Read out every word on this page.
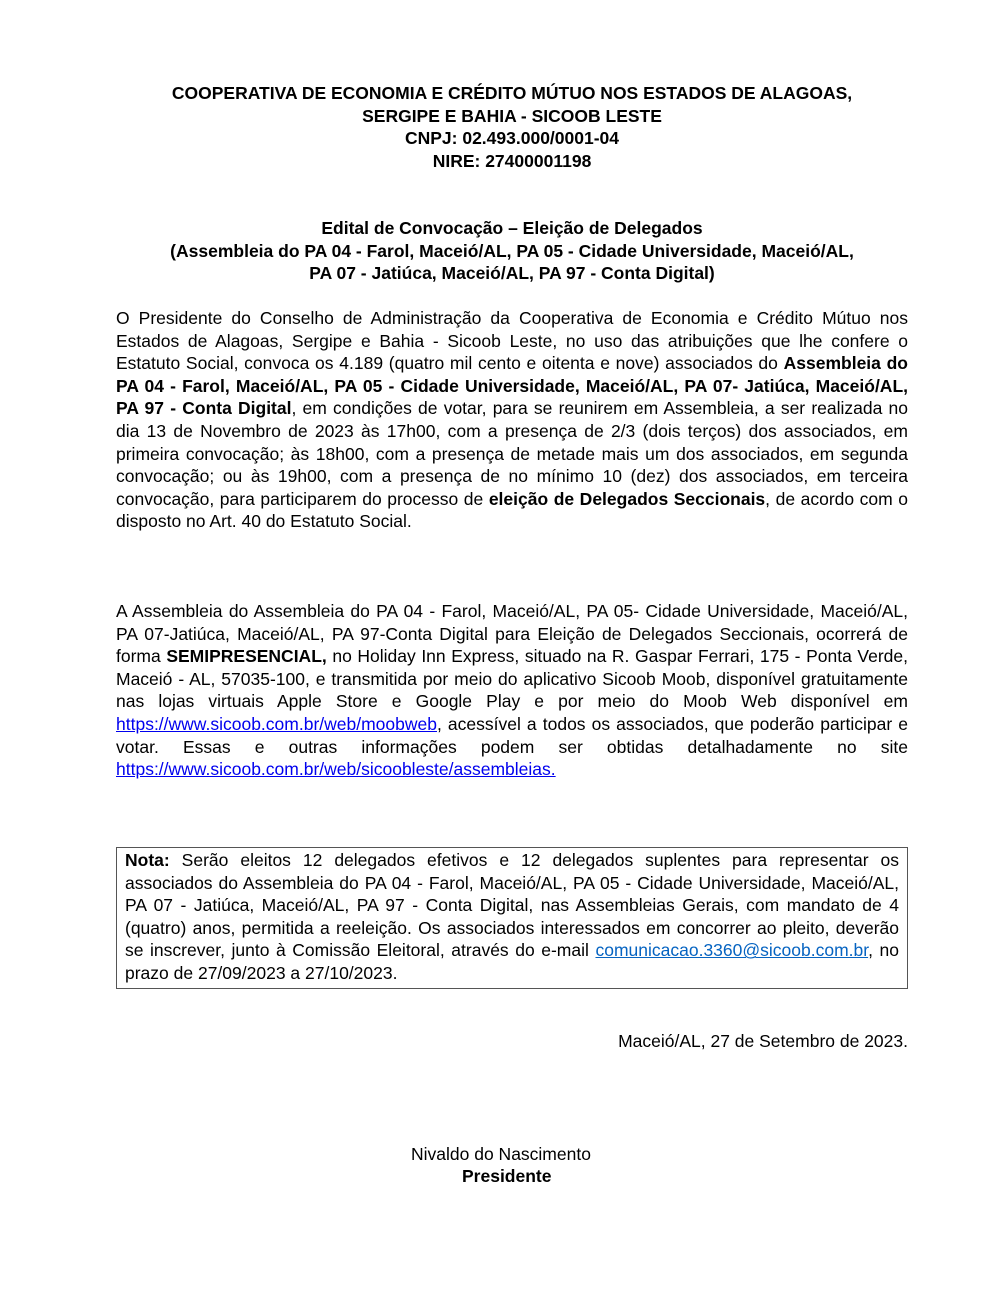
COOPERATIVA DE ECONOMIA E CRÉDITO MÚTUO NOS ESTADOS DE ALAGOAS,
SERGIPE E BAHIA - SICOOB LESTE
CNPJ: 02.493.000/0001-04
NIRE: 27400001198
Edital de Convocação – Eleição de Delegados
(Assembleia do PA 04 - Farol, Maceió/AL, PA 05 - Cidade Universidade, Maceió/AL,
PA 07 - Jatiúca, Maceió/AL, PA 97 - Conta Digital)
O Presidente do Conselho de Administração da Cooperativa de Economia e Crédito Mútuo nos Estados de Alagoas, Sergipe e Bahia - Sicoob Leste, no uso das atribuições que lhe confere o Estatuto Social, convoca os 4.189 (quatro mil cento e oitenta e nove) associados do Assembleia do PA 04 - Farol, Maceió/AL, PA 05 - Cidade Universidade, Maceió/AL, PA 07- Jatiúca, Maceió/AL, PA 97 - Conta Digital, em condições de votar, para se reunirem em Assembleia, a ser realizada no dia 13 de Novembro de 2023 às 17h00, com a presença de 2/3 (dois terços) dos associados, em primeira convocação; às 18h00, com a presença de metade mais um dos associados, em segunda convocação; ou às 19h00, com a presença de no mínimo 10 (dez) dos associados, em terceira convocação, para participarem do processo de eleição de Delegados Seccionais, de acordo com o disposto no Art. 40 do Estatuto Social.
A Assembleia do Assembleia do PA 04 - Farol, Maceió/AL, PA 05- Cidade Universidade, Maceió/AL, PA 07-Jatiúca, Maceió/AL, PA 97-Conta Digital para Eleição de Delegados Seccionais, ocorrerá de forma SEMIPRESENCIAL, no Holiday Inn Express, situado na R. Gaspar Ferrari, 175 - Ponta Verde, Maceió - AL, 57035-100, e transmitida por meio do aplicativo Sicoob Moob, disponível gratuitamente nas lojas virtuais Apple Store e Google Play e por meio do Moob Web disponível em https://www.sicoob.com.br/web/moobweb, acessível a todos os associados, que poderão participar e votar. Essas e outras informações podem ser obtidas detalhadamente no site
https://www.sicoob.com.br/web/sicoobleste/assembleias.
Nota: Serão eleitos 12 delegados efetivos e 12 delegados suplentes para representar os associados do Assembleia do PA 04 - Farol, Maceió/AL, PA 05 - Cidade Universidade, Maceió/AL, PA 07 - Jatiúca, Maceió/AL, PA 97 - Conta Digital, nas Assembleias Gerais, com mandato de 4 (quatro) anos, permitida a reeleição. Os associados interessados em concorrer ao pleito, deverão se inscrever, junto à Comissão Eleitoral, através do e-mail comunicacao.3360@sicoob.com.br, no prazo de 27/09/2023 a 27/10/2023.
Maceió/AL, 27 de Setembro de 2023.
Nivaldo do Nascimento
Presidente
